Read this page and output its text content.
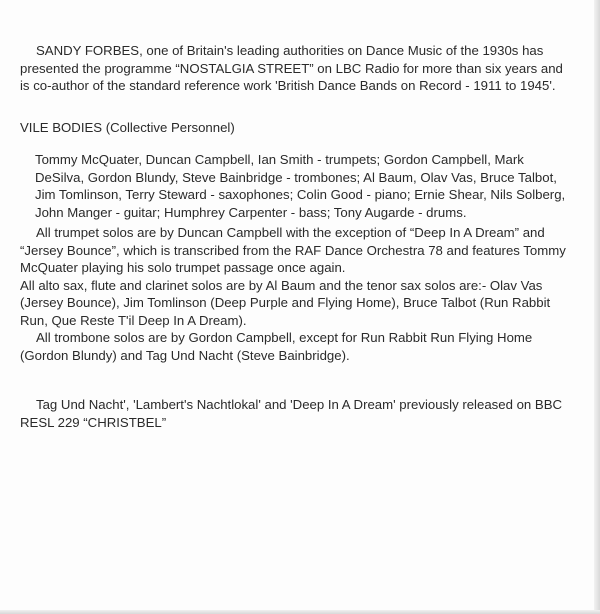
SANDY FORBES, one of Britain's leading authorities on Dance Music of the 1930s has presented the programme “NOSTALGIA STREET” on LBC Radio for more than six years and is co-author of the standard reference work 'British Dance Bands on Record - 1911 to 1945'.

VILE BODIES (Collective Personnel)

Tommy McQuater, Duncan Campbell, Ian Smith - trumpets; Gordon Campbell, Mark DeSilva, Gordon Blundy, Steve Bainbridge - trombones; Al Baum, Olav Vas, Bruce Talbot, Jim Tomlinson, Terry Steward - saxophones; Colin Good - piano; Ernie Shear, Nils Solberg, John Manger - guitar; Humphrey Carpenter - bass; Tony Augarde - drums.

All trumpet solos are by Duncan Campbell with the exception of “Deep In A Dream” and “Jersey Bounce”, which is transcribed from the RAF Dance Orchestra 78 and features Tommy McQuater playing his solo trumpet passage once again.

All alto sax, flute and clarinet solos are by Al Baum and the tenor sax solos are:- Olav Vas (Jersey Bounce), Jim Tomlinson (Deep Purple and Flying Home), Bruce Talbot (Run Rabbit Run, Que Reste T'il Deep In A Dream).

All trombone solos are by Gordon Campbell, except for Run Rabbit Run Flying Home (Gordon Blundy) and Tag Und Nacht (Steve Bainbridge).

Tag Und Nacht', 'Lambert's Nachtlokal' and 'Deep In A Dream' previously released on BBC RESL 229 “CHRISTBEL”
